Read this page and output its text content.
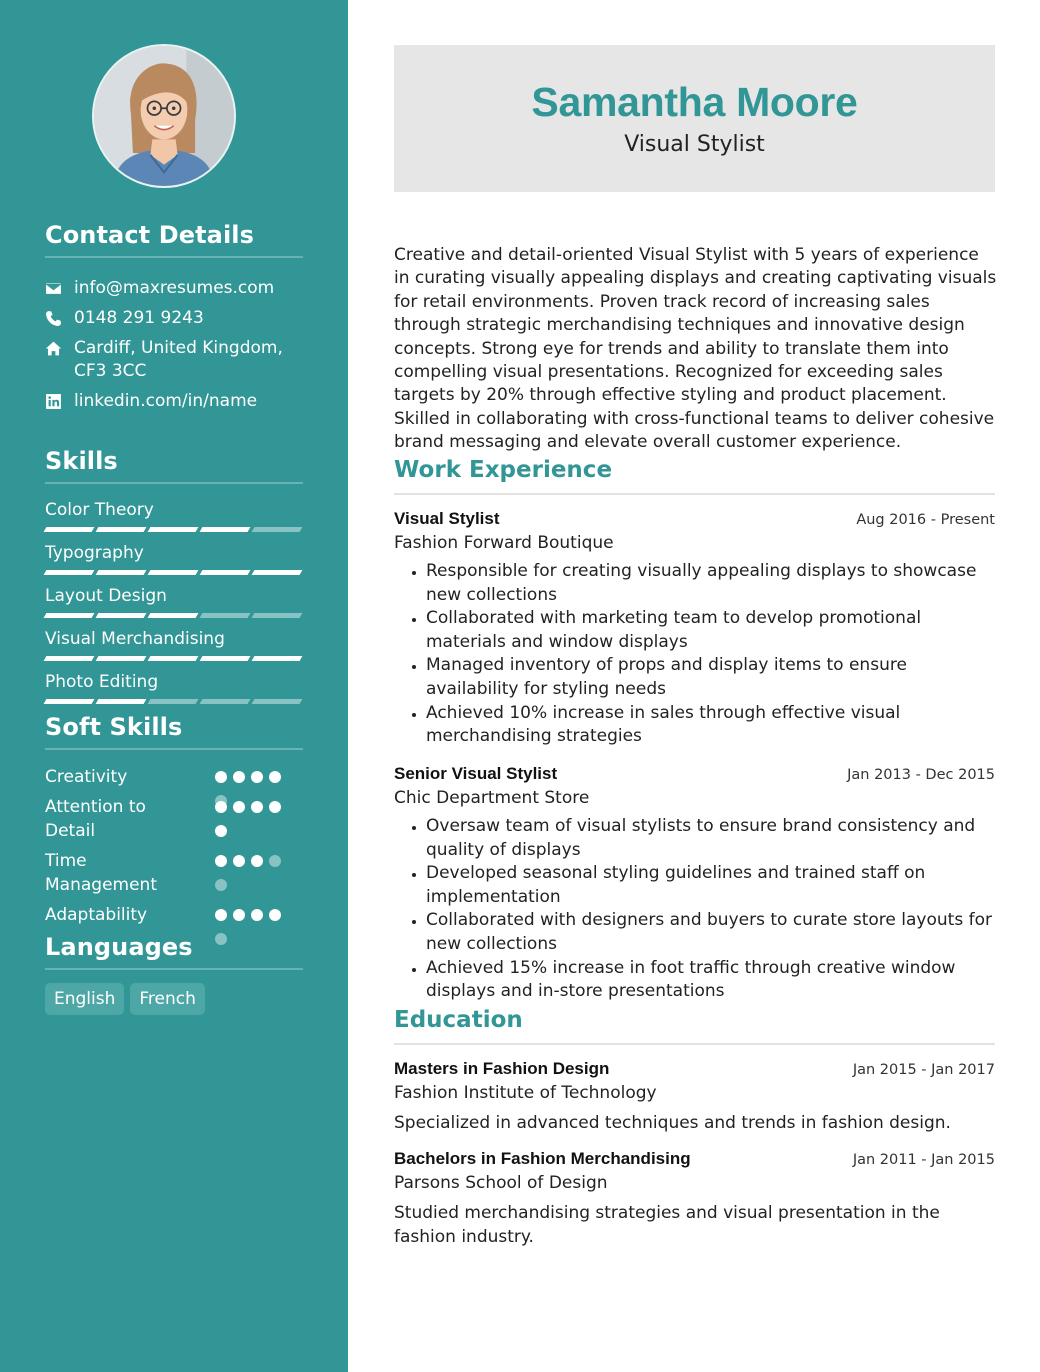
Contact Details
info@maxresumes.com
0148 291 9243
Cardiff, United Kingdom, CF3 3CC
linkedin.com/in/name
Skills
Color Theory
Typography
Layout Design
Visual Merchandising
Photo Editing
Soft Skills
Creativity
Attention to Detail
Time Management
Adaptability
Languages
English	French
Samantha Moore
Visual Stylist
Creative and detail-oriented Visual Stylist with 5 years of experience in curating visually appealing displays and creating captivating visuals for retail environments. Proven track record of increasing sales through strategic merchandising techniques and innovative design concepts. Strong eye for trends and ability to translate them into compelling visual presentations. Recognized for exceeding sales targets by 20% through effective styling and product placement. Skilled in collaborating with cross-functional teams to deliver cohesive brand messaging and elevate overall customer experience.
Work Experience
Visual Stylist	Aug 2016 - Present
Fashion Forward Boutique
• Responsible for creating visually appealing displays to showcase new collections
• Collaborated with marketing team to develop promotional materials and window displays
• Managed inventory of props and display items to ensure availability for styling needs
• Achieved 10% increase in sales through effective visual merchandising strategies
Senior Visual Stylist	Jan 2013 - Dec 2015
Chic Department Store
• Oversaw team of visual stylists to ensure brand consistency and quality of displays
• Developed seasonal styling guidelines and trained staff on implementation
• Collaborated with designers and buyers to curate store layouts for new collections
• Achieved 15% increase in foot traffic through creative window displays and in-store presentations
Education
Masters in Fashion Design	Jan 2015 - Jan 2017
Fashion Institute of Technology
Specialized in advanced techniques and trends in fashion design.
Bachelors in Fashion Merchandising	Jan 2011 - Jan 2015
Parsons School of Design
Studied merchandising strategies and visual presentation in the fashion industry.
